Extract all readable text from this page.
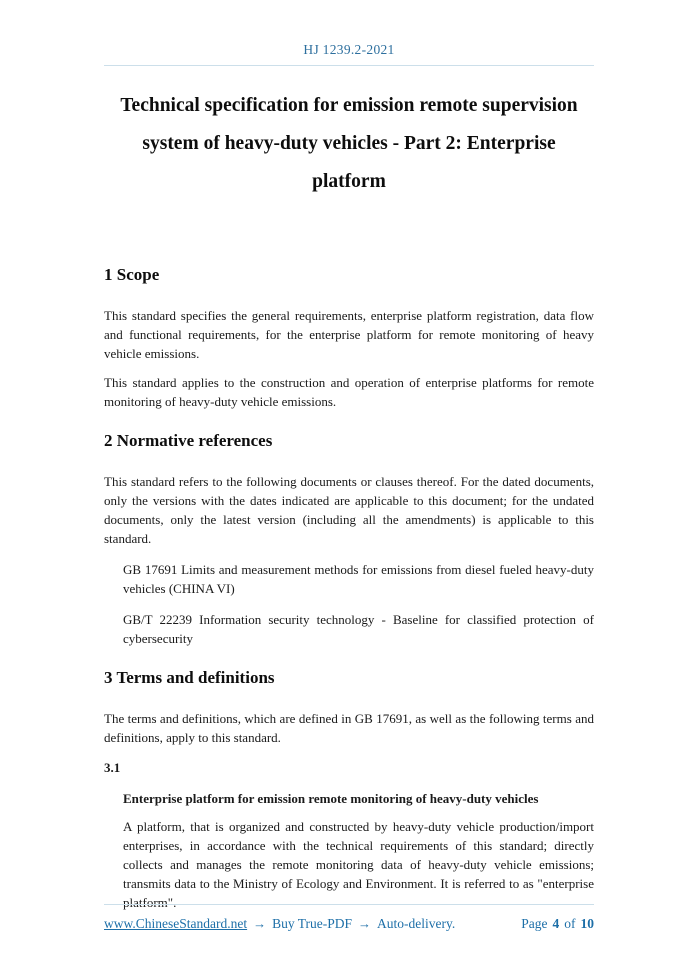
HJ 1239.2-2021
Technical specification for emission remote supervision
system of heavy-duty vehicles - Part 2: Enterprise platform
1 Scope

This standard specifies the general requirements, enterprise platform registration, data flow and functional requirements, for the enterprise platform for remote monitoring of heavy vehicle emissions.

This standard applies to the construction and operation of enterprise platforms for remote monitoring of heavy-duty vehicle emissions.

2 Normative references

This standard refers to the following documents or clauses thereof. For the dated documents, only the versions with the dates indicated are applicable to this document; for the undated documents, only the latest version (including all the amendments) is applicable to this standard.

GB 17691 Limits and measurement methods for emissions from diesel fueled heavy-duty vehicles (CHINA VI)

GB/T 22239 Information security technology - Baseline for classified protection of cybersecurity

3 Terms and definitions

The terms and definitions, which are defined in GB 17691, as well as the following terms and definitions, apply to this standard.

3.1

Enterprise platform for emission remote monitoring of heavy-duty vehicles

A platform, that is organized and constructed by heavy-duty vehicle production/import enterprises, in accordance with the technical requirements of this standard; directly collects and manages the remote monitoring data of heavy-duty vehicle emissions; transmits data to the Ministry of Ecology and Environment. It is referred to as "enterprise platform".

www.ChineseStandard.net → Buy True-PDF → Auto-delivery.	Page 4 of 10
